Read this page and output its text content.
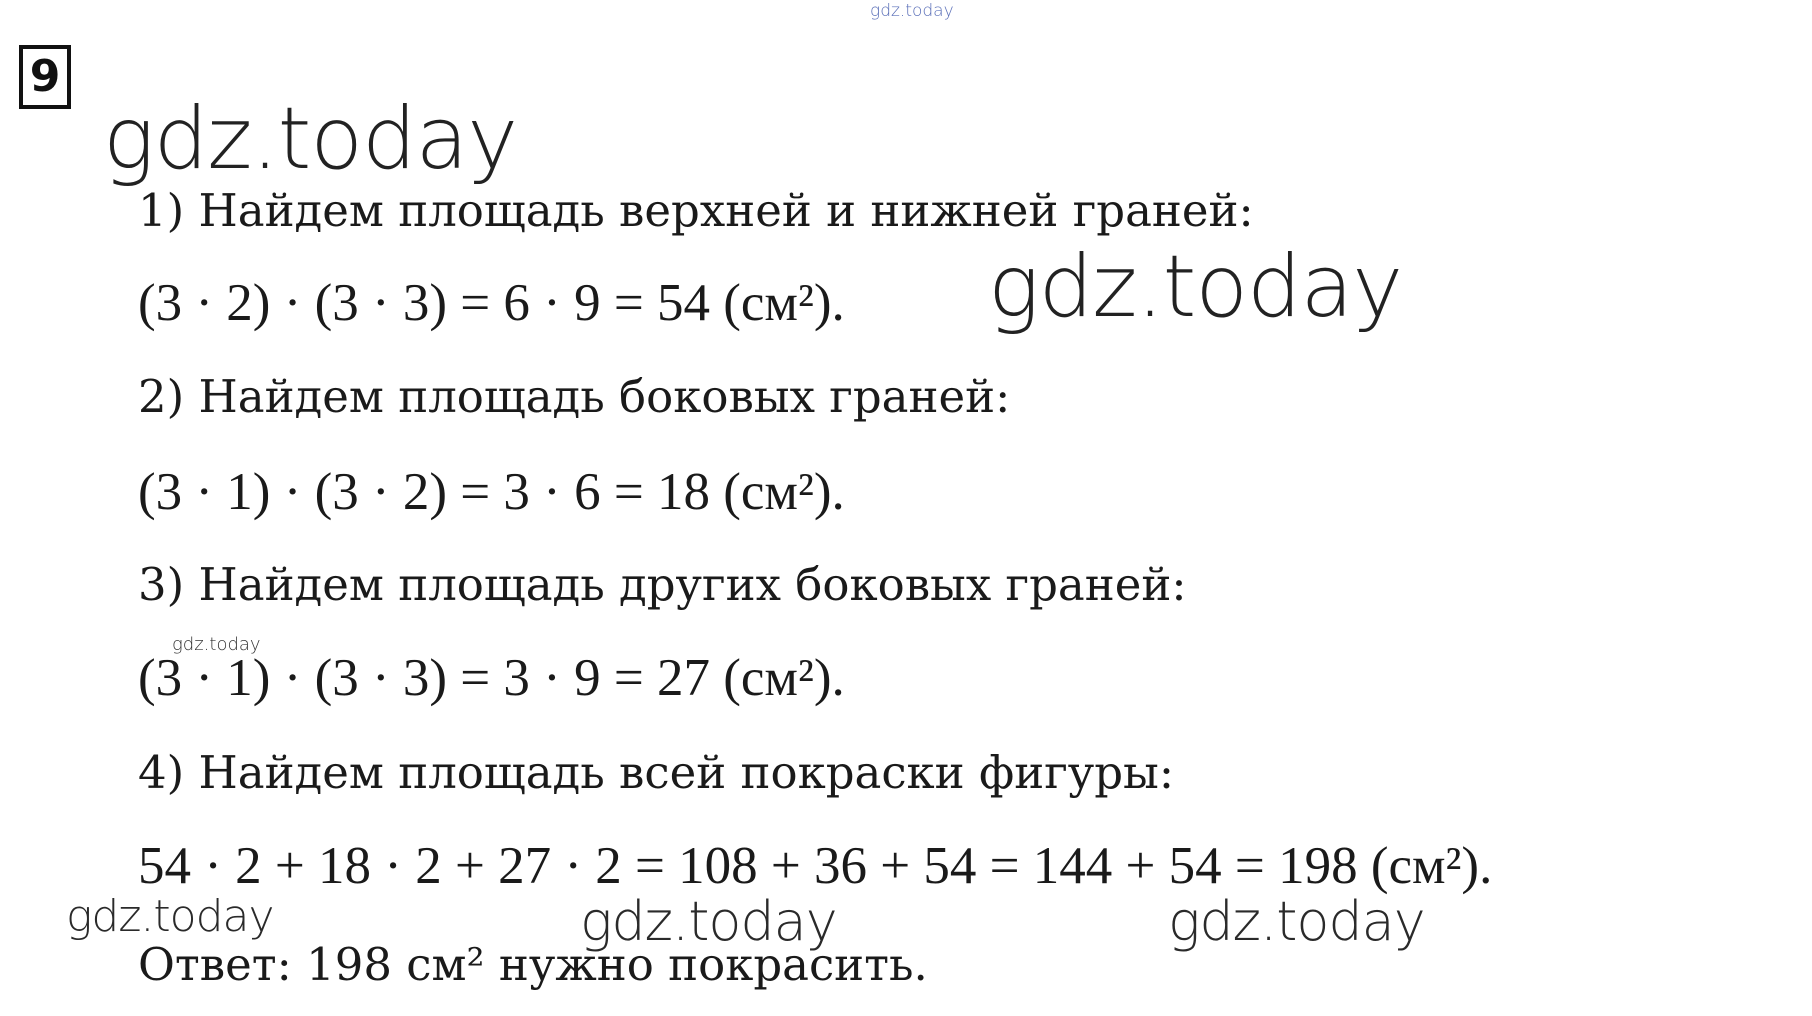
gdz.today
9
gdz.today
1) Найдем площадь верхней и нижней граней:
(3 · 2) · (3 · 3) = 6 · 9 = 54 (см²). gdz.today
2) Найдем площадь боковых граней:
(3 · 1) · (3 · 2) = 3 · 6 = 18 (см²).
3) Найдем площадь других боковых граней:
gdz.today
(3 · 1) · (3 · 3) = 3 · 9 = 27 (см²).
4) Найдем площадь всей покраски фигуры:
54 · 2 + 18 · 2 + 27 · 2 = 108 + 36 + 54 = 144 + 54 = 198 (см²).
gdz.today	gdz.today	gdz.today
Ответ: 198 см² нужно покрасить.
